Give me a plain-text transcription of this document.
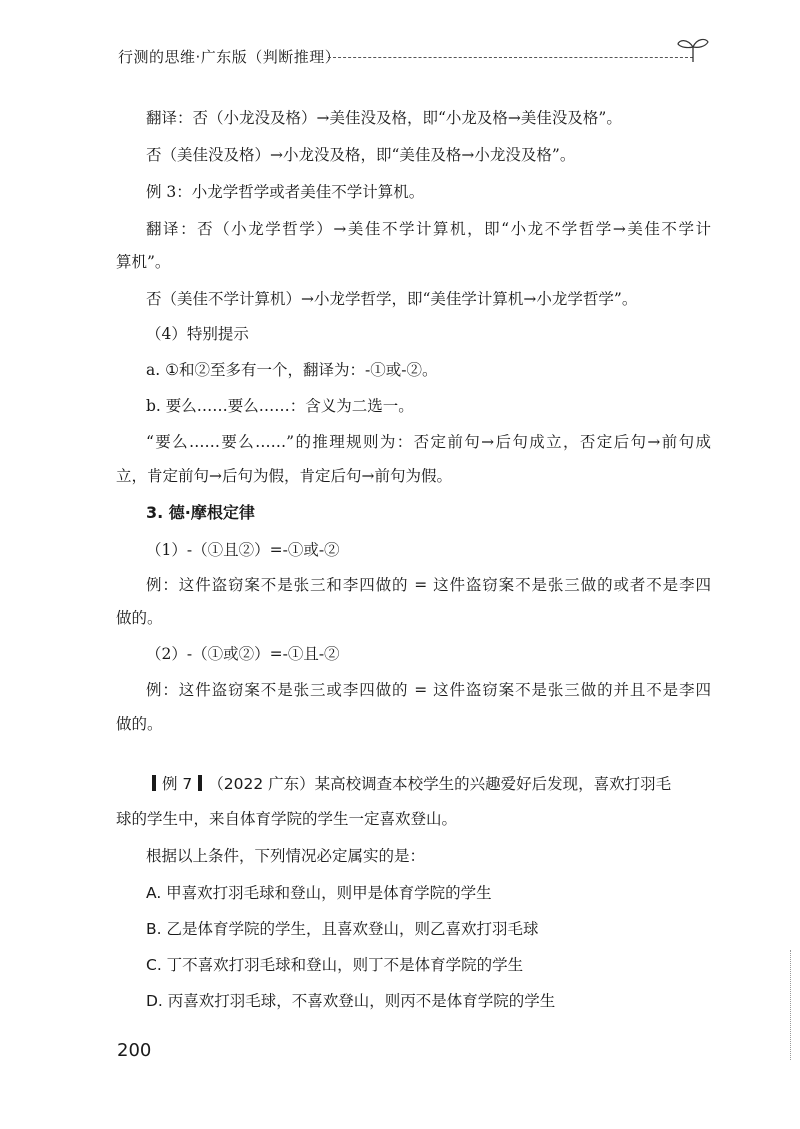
行测的思维·广东版（判断推理）
翻译：否（小龙没及格）→美佳没及格，即“小龙及格→美佳没及格”。
否（美佳没及格）→小龙没及格，即“美佳及格→小龙没及格”。
例 3：小龙学哲学或者美佳不学计算机。
翻译：否（小龙学哲学）→美佳不学计算机，即“小龙不学哲学→美佳不学计
算机”。
否（美佳不学计算机）→小龙学哲学，即“美佳学计算机→小龙学哲学”。
（4）特别提示
a. ①和②至多有一个，翻译为：-①或-②。
b. 要么……要么……：含义为二选一。
“要么……要么……”的推理规则为：否定前句→后句成立，否定后句→前句成
立，肯定前句→后句为假，肯定后句→前句为假。
3. 德·摩根定律
（1）-（①且②）=-①或-②
例：这件盗窃案不是张三和李四做的 = 这件盗窃案不是张三做的或者不是李四
做的。
（2）-（①或②）=-①且-②
例：这件盗窃案不是张三或李四做的 = 这件盗窃案不是张三做的并且不是李四
做的。
例 7 （2022 广东）某高校调查本校学生的兴趣爱好后发现，喜欢打羽毛
球的学生中，来自体育学院的学生一定喜欢登山。
根据以上条件，下列情况必定属实的是：
A. 甲喜欢打羽毛球和登山，则甲是体育学院的学生
B. 乙是体育学院的学生，且喜欢登山，则乙喜欢打羽毛球
C. 丁不喜欢打羽毛球和登山，则丁不是体育学院的学生
D. 丙喜欢打羽毛球，不喜欢登山，则丙不是体育学院的学生
200
